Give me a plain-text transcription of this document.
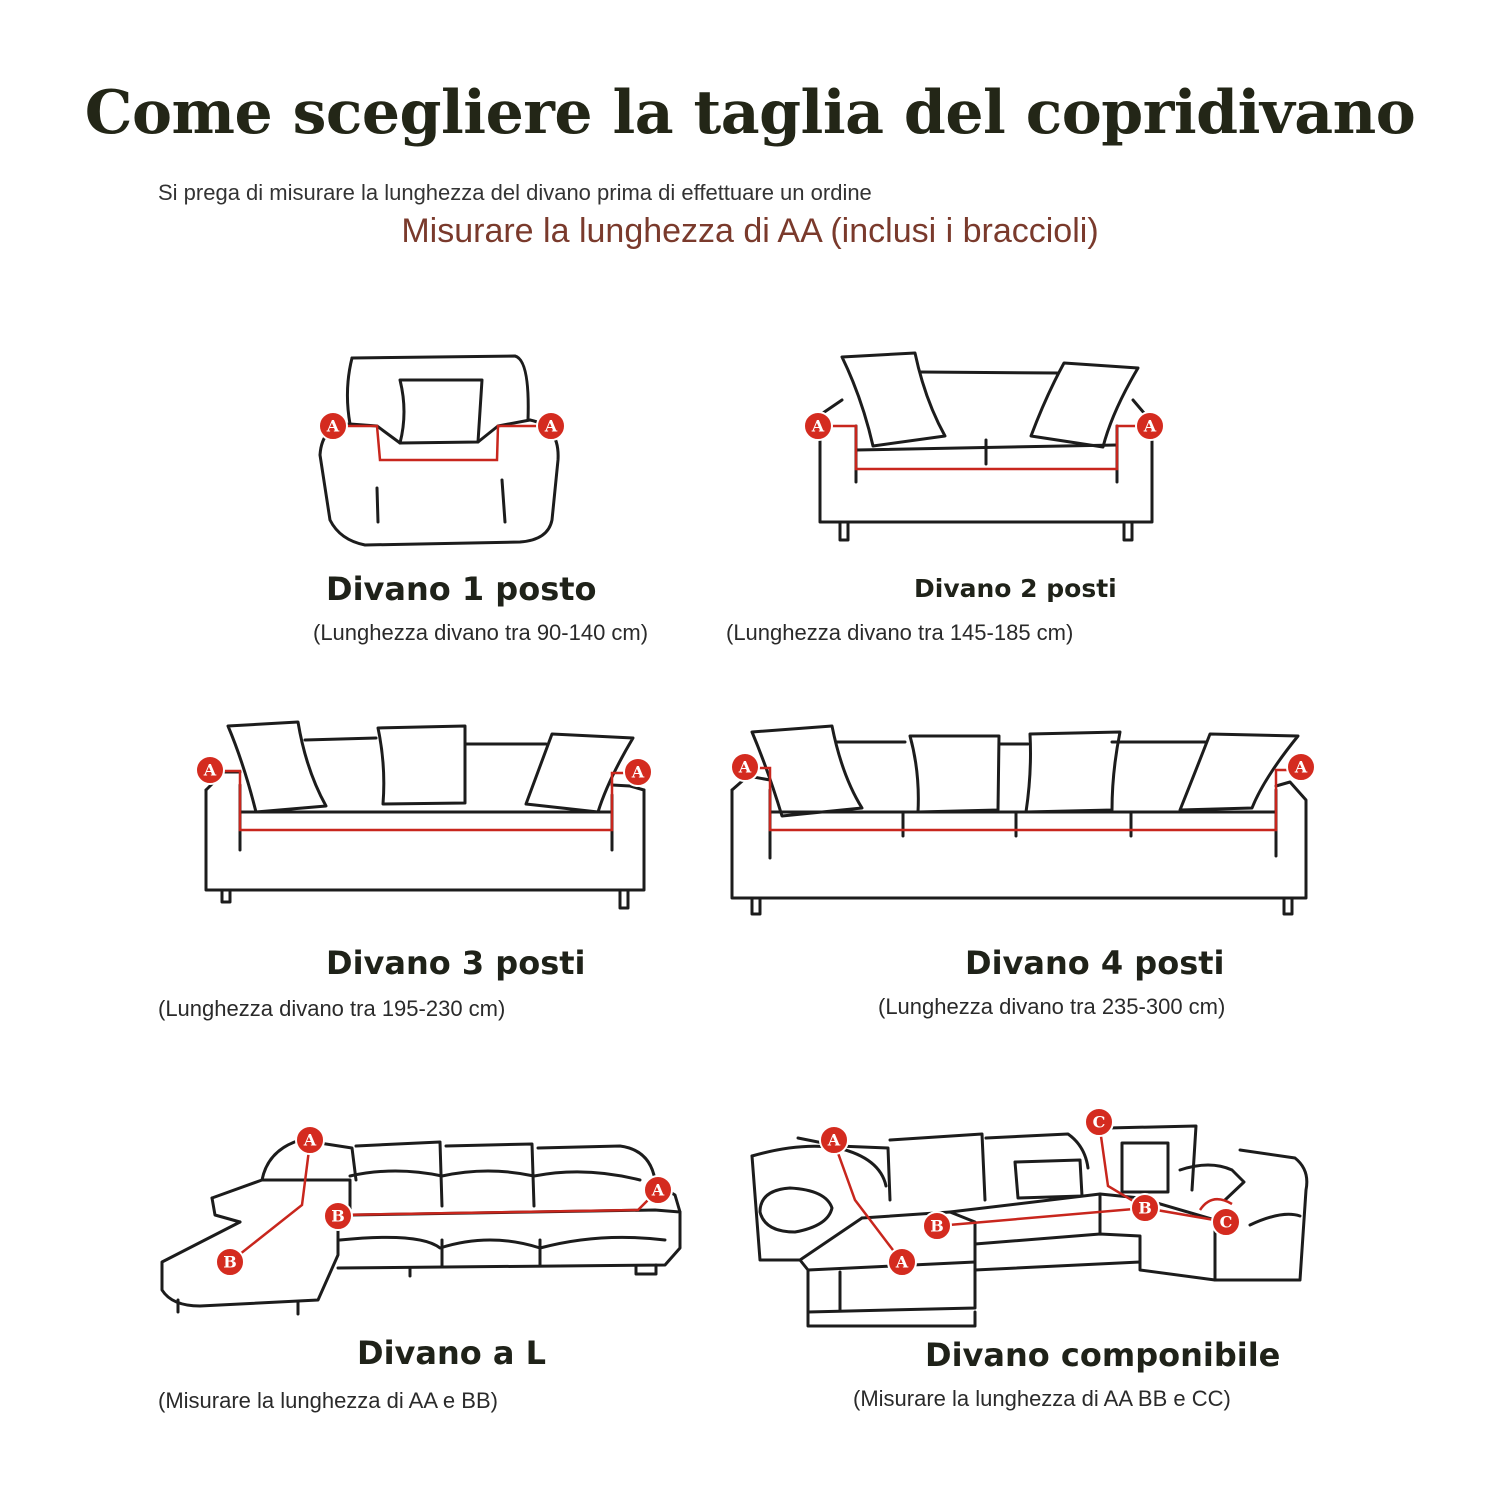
Come scegliere la taglia del copridivano
Si prega di misurare la lunghezza del divano prima di effettuare un ordine
Misurare la lunghezza di AA (inclusi i braccioli)
A	A
Divano 1 posto
(Lunghezza divano tra 90-140 cm)
A	A
Divano 2 posti
(Lunghezza divano tra 145-185 cm)
A	A
Divano 3 posti
(Lunghezza divano tra 195-230 cm)
A	A
Divano 4 posti
(Lunghezza divano tra 235-300 cm)
A
B
A
B
Divano a L
(Misurare la lunghezza di AA e BB)
A
A
B
B
C
C
Divano componibile
(Misurare la lunghezza di AA BB e CC)
